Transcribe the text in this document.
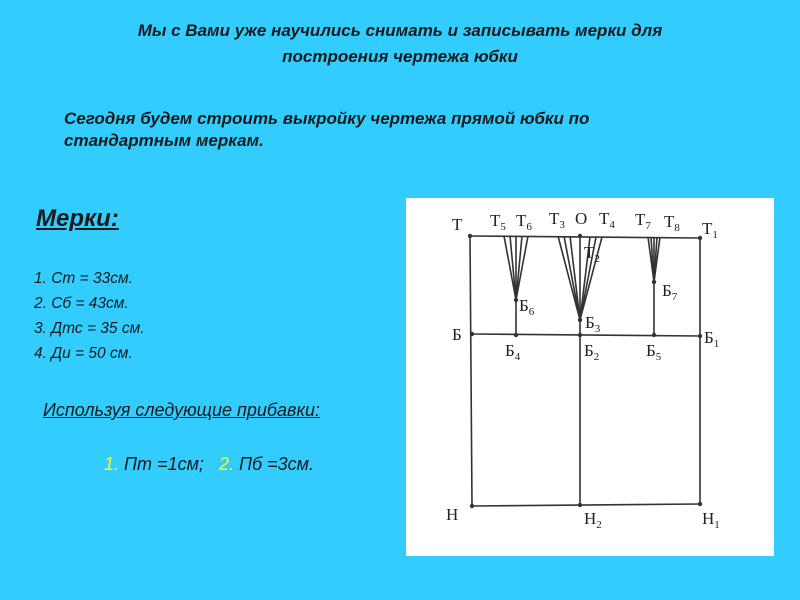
Мы с Вами уже научились снимать и записывать мерки для
построения чертежа юбки
Сегодня будем строить выкройку чертежа прямой юбки по
стандартным меркам.
Мерки:
1. Ст = 33см.
2. Сб = 43см.
3. Дтс = 35 см.
4. Ди = 50 см.
Используя следующие прибавки:
1. Пт =1см; 2. Пб =3см.
Т $Т_5$ $Т_6$ $Т_3$ О $Т_4$ $Т_7$ $Т_8$ $Т_1$
$Т_2$
$Б_6$
$Б_3$
$Б_7$
Б	$Б_1$
$Б_4$	$Б_2$	$Б_5$
Н	$Н_2$	$Н_1$
